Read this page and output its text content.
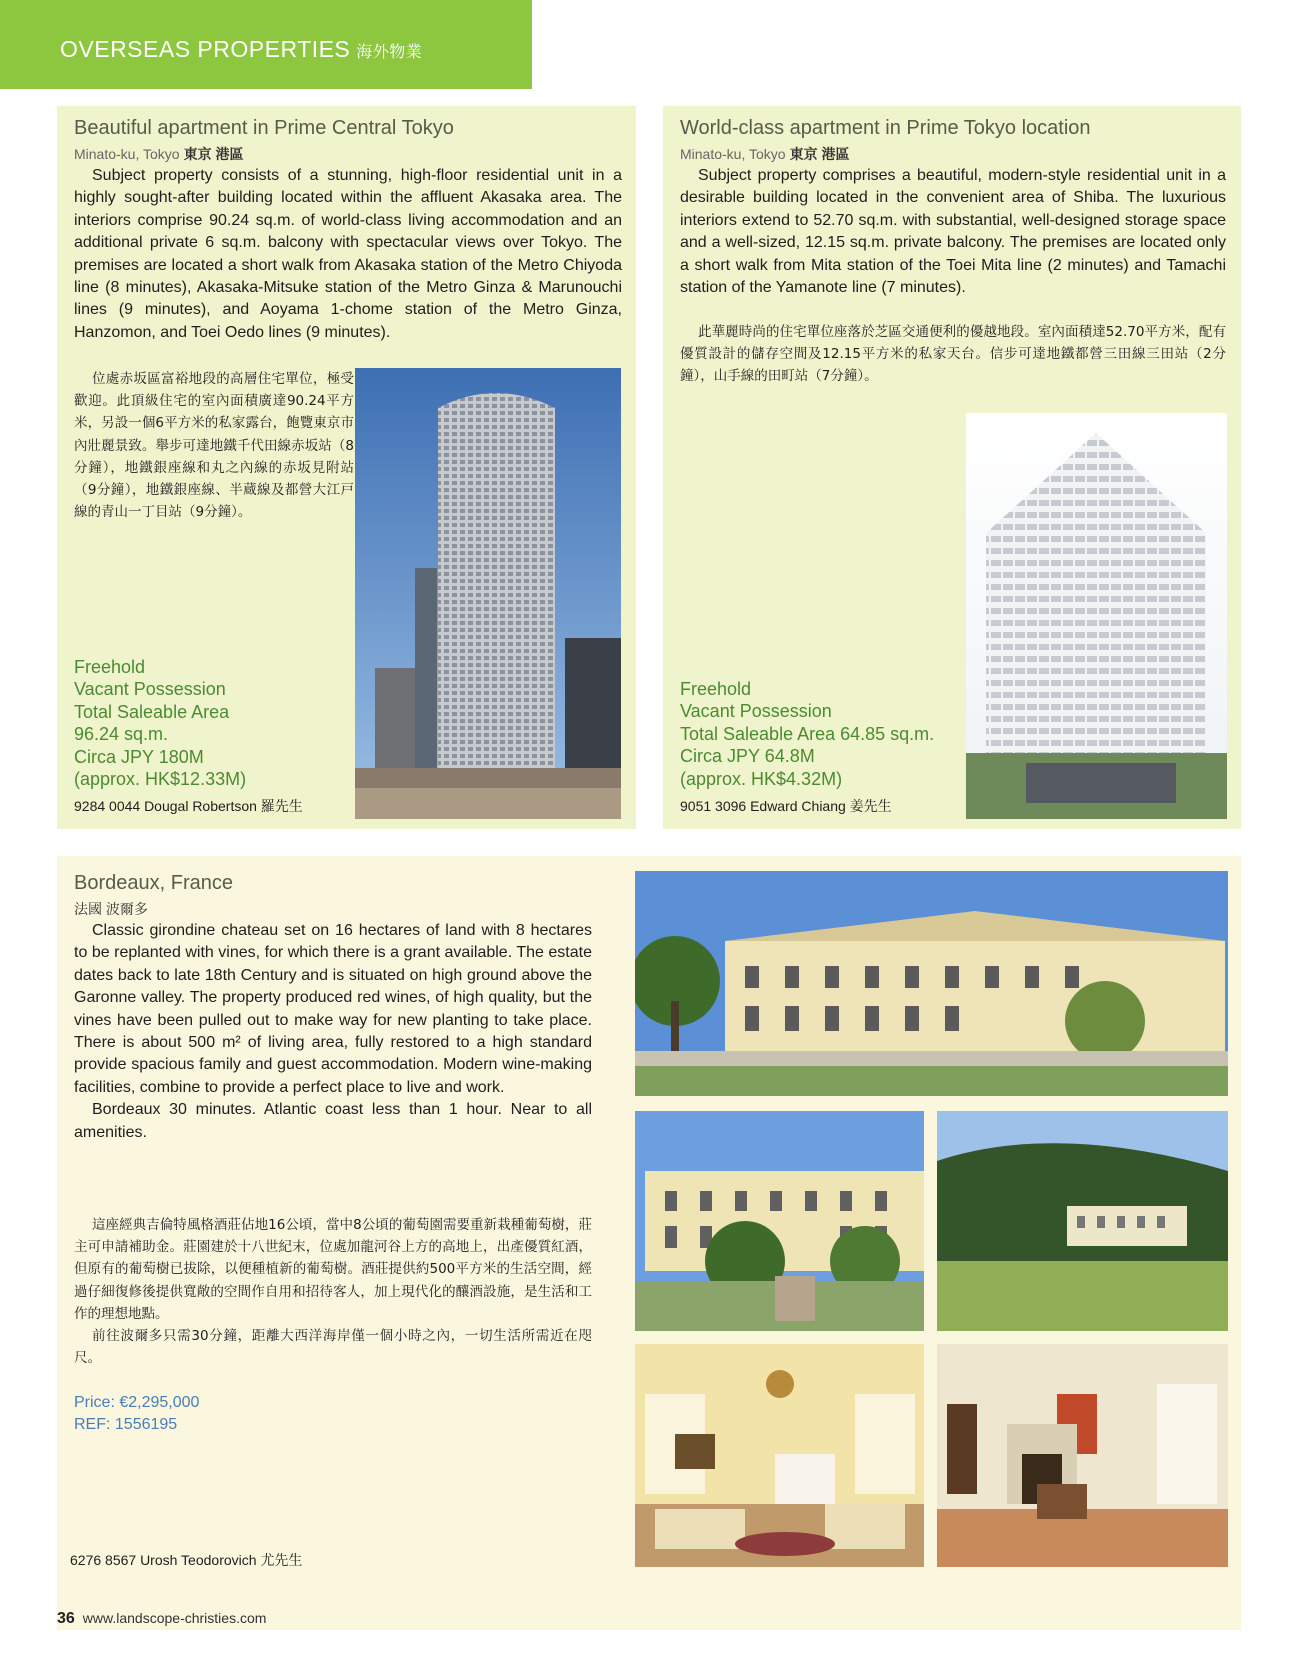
OVERSEAS PROPERTIES 海外物業
Beautiful apartment in Prime Central Tokyo
Minato-ku, Tokyo 東京 港區

Subject property consists of a stunning, high-floor residential unit in a highly sought-after building located within the affluent Akasaka area. The interiors comprise 90.24 sq.m. of world-class living accommodation and an additional private 6 sq.m. balcony with spectacular views over Tokyo. The premises are located a short walk from Akasaka station of the Metro Chiyoda line (8 minutes), Akasaka-Mitsuke station of the Metro Ginza & Marunouchi lines (9 minutes), and Aoyama 1-chome station of the Metro Ginza, Hanzomon, and Toei Oedo lines (9 minutes).

位處赤坂區富裕地段的高層住宅單位，極受歡迎。此頂級住宅的室內面積廣達90.24平方米，另設一個6平方米的私家露台，飽覽東京市內壯麗景致。舉步可達地鐵千代田線赤坂站（8分鐘），地鐵銀座線和丸之內線的赤坂見附站（9分鐘），地鐵銀座線、半蔵線及都營大江戸線的青山一丁目站（9分鐘）。

Freehold
Vacant Possession
Total Saleable Area
96.24 sq.m.
Circa JPY 180M
(approx. HK$12.33M)
9284 0044 Dougal Robertson 羅先生
World-class apartment in Prime Tokyo location
Minato-ku, Tokyo 東京 港區

Subject property comprises a beautiful, modern-style residential unit in a desirable building located in the convenient area of Shiba. The luxurious interiors extend to 52.70 sq.m. with substantial, well-designed storage space and a well-sized, 12.15 sq.m. private balcony. The premises are located only a short walk from Mita station of the Toei Mita line (2 minutes) and Tamachi station of the Yamanote line (7 minutes).

此華麗時尚的住宅單位座落於芝區交通便利的優越地段。室內面積達52.70平方米，配有優質設計的儲存空間及12.15平方米的私家天台。信步可達地鐵都營三田線三田站（2分鐘），山手線的田町站（7分鐘）。

Freehold
Vacant Possession
Total Saleable Area 64.85 sq.m.
Circa JPY 64.8M
(approx. HK$4.32M)
9051 3096 Edward Chiang 姜先生
Bordeaux, France
法國 波爾多

Classic girondine chateau set on 16 hectares of land with 8 hectares to be replanted with vines, for which there is a grant available. The estate dates back to late 18th Century and is situated on high ground above the Garonne valley. The property produced red wines, of high quality, but the vines have been pulled out to make way for new planting to take place. There is about 500 m² of living area, fully restored to a high standard provide spacious family and guest accommodation. Modern wine-making facilities, combine to provide a perfect place to live and work.
Bordeaux 30 minutes. Atlantic coast less than 1 hour. Near to all amenities.

這座經典吉倫特風格酒莊佔地16公頃，當中8公頃的葡萄園需要重新栽種葡萄樹，莊主可申請補助金。莊園建於十八世紀末，位處加龍河谷上方的高地上，出產優質紅酒，但原有的葡萄樹已拔除，以便種植新的葡萄樹。酒莊提供約500平方米的生活空間，經過仔細復修後提供寬敞的空間作自用和招待客人，加上現代化的釀酒設施，是生活和工作的理想地點。
前往波爾多只需30分鐘，距離大西洋海岸僅一個小時之內，一切生活所需近在咫尺。

Price: €2,295,000
REF: 1556195
6276 8567 Urosh Teodorovich 尤先生
36 www.landscope-christies.com
